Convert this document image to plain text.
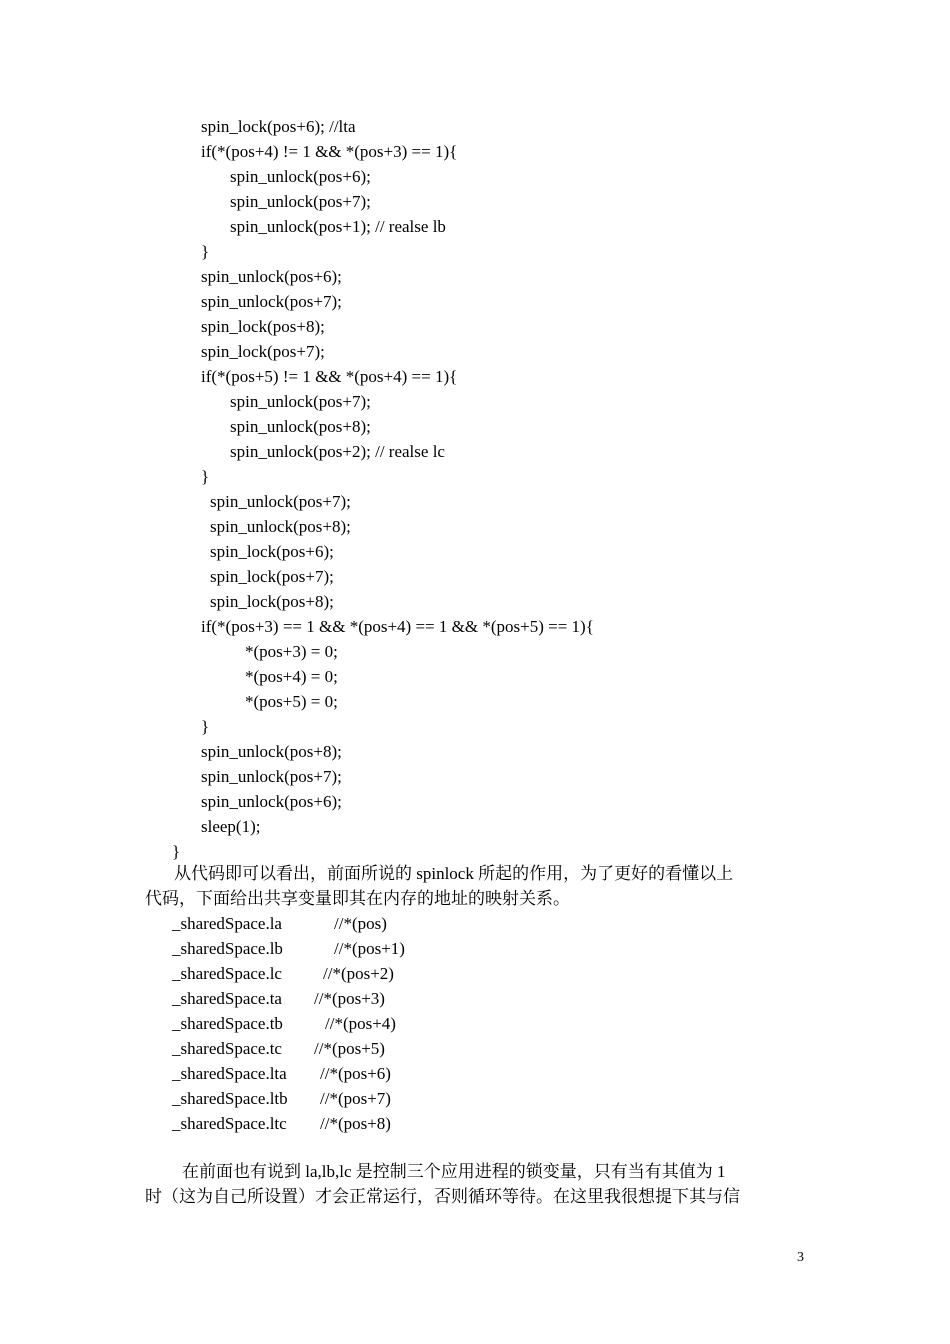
spin_lock(pos+6); //lta
if(*(pos+4) != 1 && *(pos+3) == 1){
spin_unlock(pos+6);
spin_unlock(pos+7);
spin_unlock(pos+1); // realse lb
}
spin_unlock(pos+6);
spin_unlock(pos+7);
spin_lock(pos+8);
spin_lock(pos+7);
if(*(pos+5) != 1 && *(pos+4) == 1){
spin_unlock(pos+7);
spin_unlock(pos+8);
spin_unlock(pos+2); // realse lc
}
spin_unlock(pos+7);
spin_unlock(pos+8);
spin_lock(pos+6);
spin_lock(pos+7);
spin_lock(pos+8);
if(*(pos+3) == 1 && *(pos+4) == 1 && *(pos+5) == 1){
*(pos+3) = 0;
*(pos+4) = 0;
*(pos+5) = 0;
}
spin_unlock(pos+8);
spin_unlock(pos+7);
spin_unlock(pos+6);
sleep(1);
}
从代码即可以看出，前面所说的 spinlock 所起的作用，为了更好的看懂以上
代码，下面给出共享变量即其在内存的地址的映射关系。
_sharedSpace.la	//*(pos)
_sharedSpace.lb	//*(pos+1)
_sharedSpace.lc //*(pos+2)
_sharedSpace.ta //*(pos+3)
_sharedSpace.tb //*(pos+4)
_sharedSpace.tc //*(pos+5)
_sharedSpace.lta //*(pos+6)
_sharedSpace.ltb //*(pos+7)
_sharedSpace.ltc //*(pos+8)
在前面也有说到 la,lb,lc 是控制三个应用进程的锁变量，只有当有其值为 1
时（这为自己所设置）才会正常运行，否则循环等待。在这里我很想提下其与信
3
